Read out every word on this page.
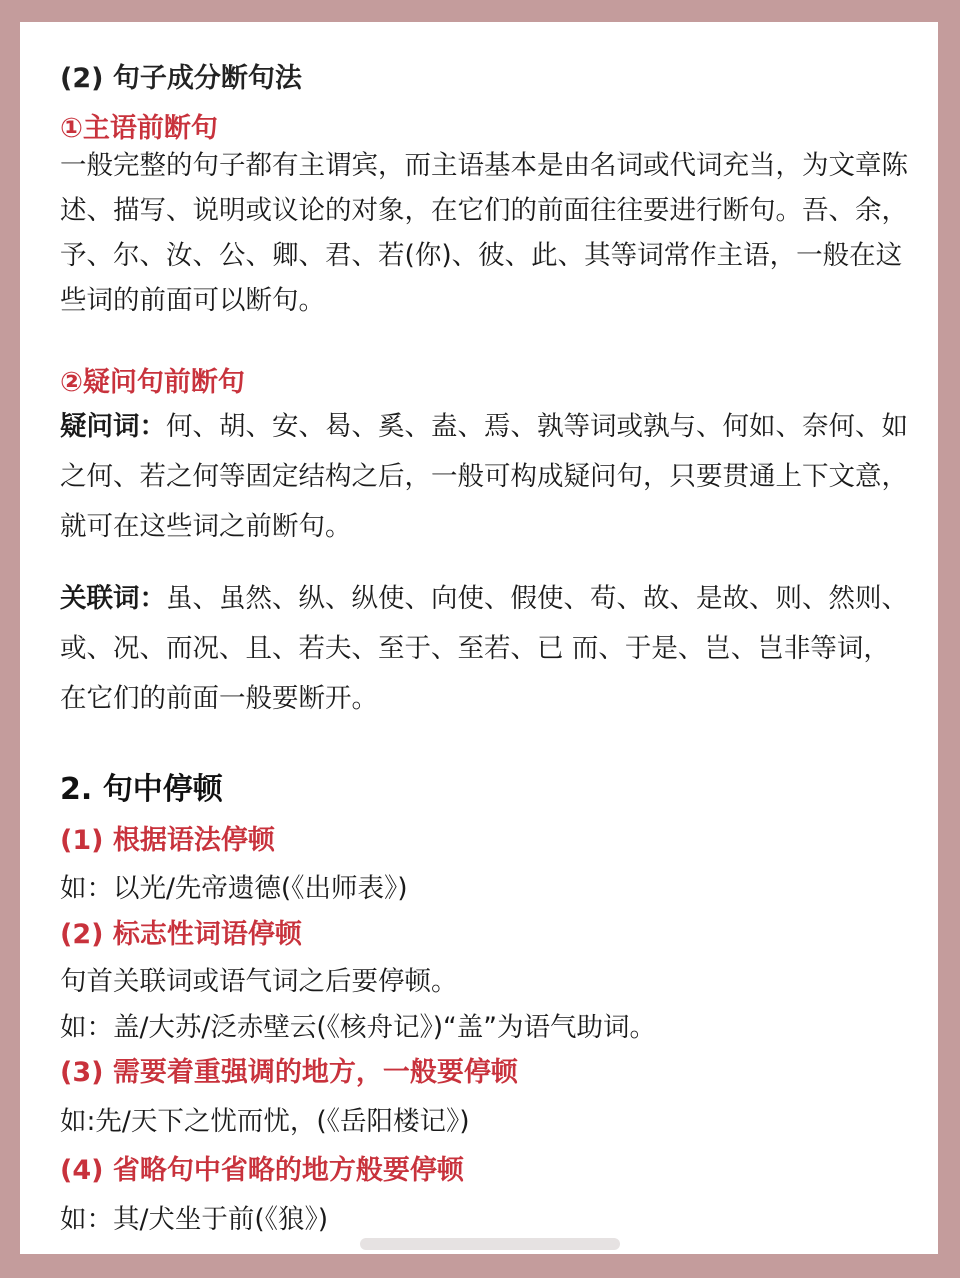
(2) 句子成分断句法
①主语前断句
一般完整的句子都有主谓宾，而主语基本是由名词或代词充当，为文章陈述、描写、说明或议论的对象，在它们的前面往往要进行断句。吾、余，予、尔、汝、公、卿、君、若(你)、彼、此、其等词常作主语，一般在这些词的前面可以断句。
②疑问句前断句
疑问词：何、胡、安、曷、奚、盍、焉、孰等词或孰与、何如、奈何、如之何、若之何等固定结构之后，一般可构成疑问句，只要贯通上下文意，就可在这些词之前断句。
关联词：虽、虽然、纵、纵使、向使、假使、苟、故、是故、则、然则、或、况、而况、且、若夫、至于、至若、已 而、于是、岂、岂非等词，在它们的前面一般要断开。
2. 句中停顿
(1) 根据语法停顿
如：以光/先帝遗德(《出师表》)
(2) 标志性词语停顿
句首关联词或语气词之后要停顿。
如：盖/大苏/泛赤壁云(《核舟记》)“盖”为语气助词。
(3) 需要着重强调的地方，一般要停顿
如:先/天下之忧而忧，(《岳阳楼记》)
(4) 省略句中省略的地方般要停顿
如：其/犬坐于前(《狼》)
